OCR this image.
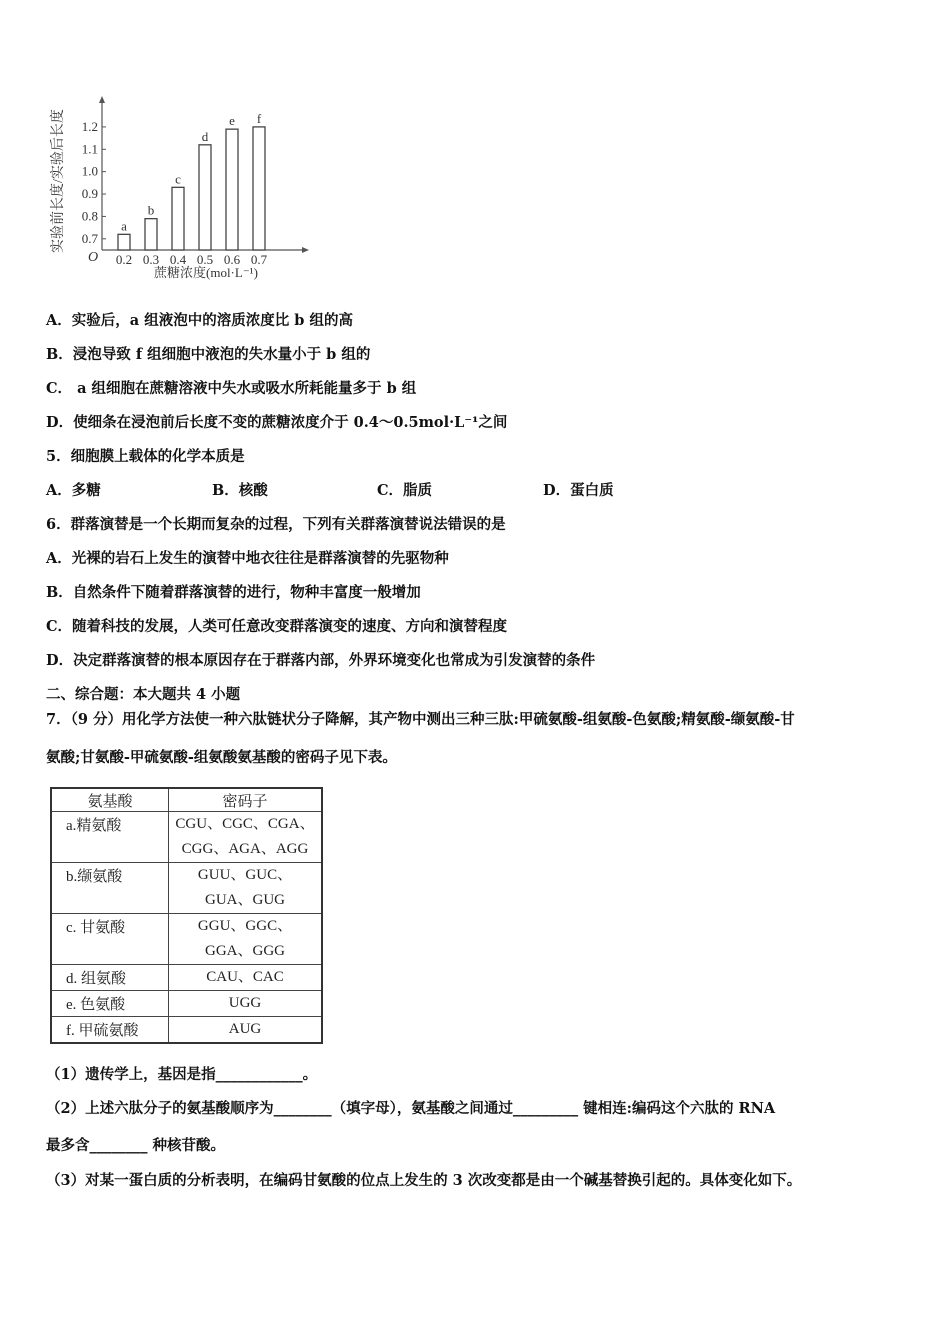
0.7
0.8
0.9
1.0
1.1
1.2
a
0.2
b
0.3
c
0.4
d
0.5
e
0.6
f
0.7
实验前长度/实验后长度
蔗糖浓度(mol·L⁻¹)
O
A．实验后，a 组液泡中的溶质浓度比 b 组的高
B．浸泡导致 f 组细胞中液泡的失水量小于 b 组的
C． a 组细胞在蔗糖溶液中失水或吸水所耗能量多于 b 组
D．使细条在浸泡前后长度不变的蔗糖浓度介于 0.4～0.5mol·L⁻¹之间
5．细胞膜上载体的化学本质是
A．多糖	B．核酸	C．脂质	D．蛋白质
6．群落演替是一个长期而复杂的过程，下列有关群落演替说法错误的是
A．光裸的岩石上发生的演替中地衣往往是群落演替的先驱物种
B．自然条件下随着群落演替的进行，物种丰富度一般增加
C．随着科技的发展，人类可任意改变群落演变的速度、方向和演替程度
D．决定群落演替的根本原因存在于群落内部，外界环境变化也常成为引发演替的条件
二、综合题：本大题共 4 小题
7．（9 分）用化学方法使一种六肽链状分子降解，其产物中测出三种三肽:甲硫氨酸-组氨酸-色氨酸;精氨酸-缬氨酸-甘
氨酸;甘氨酸-甲硫氨酸-组氨酸氨基酸的密码子见下表。
氨基酸	密码子
a.精氨酸	CGU、CGC、CGA、
CGG、AGA、AGG

b.缬氨酸	GUU、GUC、
GUA、GUG

c. 甘氨酸	GGU、GGC、
GGA、GGG

d. 组氨酸	CAU、CAC

e. 色氨酸	UGG

f. 甲硫氨酸	AUG
（1）遗传学上，基因是指____________。
（2）上述六肽分子的氨基酸顺序为________（填字母），氨基酸之间通过_________ 键相连:编码这个六肽的 RNA
最多含________ 种核苷酸。
（3）对某一蛋白质的分析表明，在编码甘氨酸的位点上发生的 3 次改变都是由一个碱基替换引起的。具体变化如下。
